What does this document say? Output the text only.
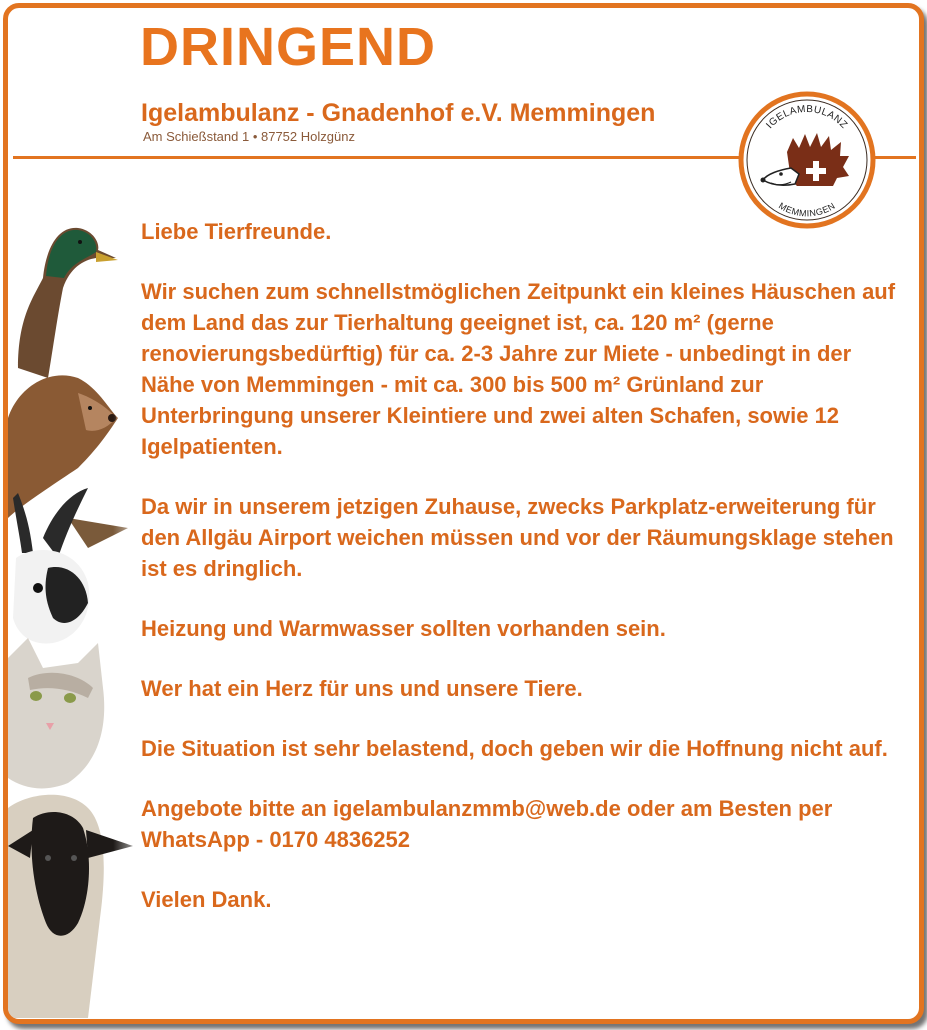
DRINGEND
Igelambulanz - Gnadenhof e.V. Memmingen
Am Schießstand 1 • 87752 Holzgünz
IGELAMBULANZ
MEMMINGEN

Liebe Tierfreunde.

Wir suchen zum schnellstmöglichen Zeitpunkt ein kleines Häuschen auf dem Land das zur Tierhaltung geeignet ist, ca. 120 m² (gerne renovierungsbedürftig) für ca. 2-3 Jahre zur Miete - unbedingt in der Nähe von Memmingen - mit ca. 300 bis 500 m² Grünland zur Unterbringung unserer Kleintiere und zwei alten Schafen, sowie 12 Igelpatienten.

Da wir in unserem jetzigen Zuhause, zwecks Parkplatz-erweiterung für den Allgäu Airport weichen müssen und vor der Räumungsklage stehen ist es dringlich.

Heizung und Warmwasser sollten vorhanden sein.

Wer hat ein Herz für uns und unsere Tiere.

Die Situation ist sehr belastend, doch geben wir die Hoffnung nicht auf.

Angebote bitte an igelambulanzmmb@web.de oder am Besten per WhatsApp - 0170 4836252

Vielen Dank.
